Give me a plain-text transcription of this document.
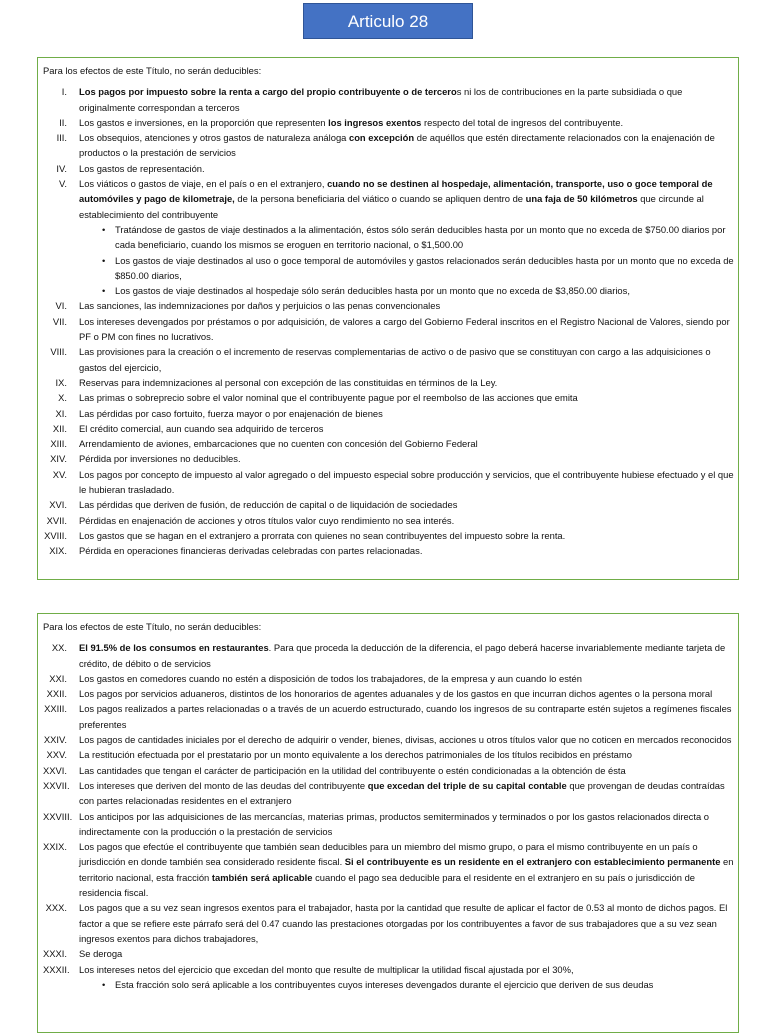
Articulo 28
Para los efectos de este Título, no serán deducibles:
I.	Los pagos por impuesto sobre la renta a cargo del propio contribuyente o de terceros ni los de contribuciones en la parte subsidiada o que originalmente correspondan a terceros
II.	Los gastos e inversiones, en la proporción que representen los ingresos exentos respecto del total de ingresos del contribuyente.
III.	Los obsequios, atenciones y otros gastos de naturaleza análoga con excepción de aquéllos que estén directamente relacionados con la enajenación de productos o la prestación de servicios
IV.	Los gastos de representación.
V.	Los viáticos o gastos de viaje, en el país o en el extranjero, cuando no se destinen al hospedaje, alimentación, transporte, uso o goce temporal de automóviles y pago de kilometraje, de la persona beneficiaria del viático o cuando se apliquen dentro de una faja de 50 kilómetros que circunde al establecimiento del contribuyente
• Tratándose de gastos de viaje destinados a la alimentación, éstos sólo serán deducibles hasta por un monto que no exceda de $750.00 diarios por cada beneficiario, cuando los mismos se eroguen en territorio nacional, o $1,500.00
• Los gastos de viaje destinados al uso o goce temporal de automóviles y gastos relacionados serán deducibles hasta por un monto que no exceda de $850.00 diarios,
• Los gastos de viaje destinados al hospedaje sólo serán deducibles hasta por un monto que no exceda de $3,850.00 diarios,
VI.	Las sanciones, las indemnizaciones por daños y perjuicios o las penas convencionales
VII.	Los intereses devengados por préstamos o por adquisición, de valores a cargo del Gobierno Federal inscritos en el Registro Nacional de Valores, siendo por PF o PM con fines no lucrativos.
VIII.	Las provisiones para la creación o el incremento de reservas complementarias de activo o de pasivo que se constituyan con cargo a las adquisiciones o gastos del ejercicio,
IX.	Reservas para indemnizaciones al personal con excepción de las constituidas en términos de la Ley.
X.	Las primas o sobreprecio sobre el valor nominal que el contribuyente pague por el reembolso de las acciones que emita
XI.	Las pérdidas por caso fortuito, fuerza mayor o por enajenación de bienes
XII.	El crédito comercial, aun cuando sea adquirido de terceros
XIII.	Arrendamiento de aviones, embarcaciones que no cuenten con concesión del Gobierno Federal
XIV.	Pérdida por inversiones no deducibles.
XV.	Los pagos por concepto de impuesto al valor agregado o del impuesto especial sobre producción y servicios, que el contribuyente hubiese efectuado y el que le hubieran trasladado.
XVI.	Las pérdidas que deriven de fusión, de reducción de capital o de liquidación de sociedades
XVII.	Pérdidas en enajenación de acciones y otros títulos valor cuyo rendimiento no sea interés.
XVIII.	Los gastos que se hagan en el extranjero a prorrata con quienes no sean contribuyentes del impuesto sobre la renta.
XIX.	Pérdida en operaciones financieras derivadas celebradas con partes relacionadas.
Para los efectos de este Título, no serán deducibles:
XX.	El 91.5% de los consumos en restaurantes. Para que proceda la deducción de la diferencia, el pago deberá hacerse invariablemente mediante tarjeta de crédito, de débito o de servicios
XXI.	Los gastos en comedores cuando no estén a disposición de todos los trabajadores, de la empresa y aun cuando lo estén
XXII.	Los pagos por servicios aduaneros, distintos de los honorarios de agentes aduanales y de los gastos en que incurran dichos agentes o la persona moral
XXIII.	Los pagos realizados a partes relacionadas o a través de un acuerdo estructurado, cuando los ingresos de su contraparte estén sujetos a regímenes fiscales preferentes
XXIV.	Los pagos de cantidades iniciales por el derecho de adquirir o vender, bienes, divisas, acciones u otros títulos valor que no coticen en mercados reconocidos
XXV.	La restitución efectuada por el prestatario por un monto equivalente a los derechos patrimoniales de los títulos recibidos en préstamo
XXVI.	Las cantidades que tengan el carácter de participación en la utilidad del contribuyente o estén condicionadas a la obtención de ésta
XXVII.	Los intereses que deriven del monto de las deudas del contribuyente que excedan del triple de su capital contable que provengan de deudas contraídas con partes relacionadas residentes en el extranjero
XXVIII. Los anticipos por las adquisiciones de las mercancías, materias primas, productos semiterminados y terminados o por los gastos relacionados directa o indirectamente con la producción o la prestación de servicios
XXIX.	Los pagos que efectúe el contribuyente que también sean deducibles para un miembro del mismo grupo, o para el mismo contribuyente en un país o jurisdicción en donde también sea considerado residente fiscal. Si el contribuyente es un residente en el extranjero con establecimiento permanente en territorio nacional, esta fracción también será aplicable cuando el pago sea deducible para el residente en el extranjero en su país o jurisdicción de residencia fiscal.
XXX.	Los pagos que a su vez sean ingresos exentos para el trabajador, hasta por la cantidad que resulte de aplicar el factor de 0.53 al monto de dichos pagos. El factor a que se refiere este párrafo será del 0.47 cuando las prestaciones otorgadas por los contribuyentes a favor de sus trabajadores que a su vez sean ingresos exentos para dichos trabajadores,
XXXI.	Se deroga
XXXII.	Los intereses netos del ejercicio que excedan del monto que resulte de multiplicar la utilidad fiscal ajustada por el 30%,
• Esta fracción solo será aplicable a los contribuyentes cuyos intereses devengados durante el ejercicio que deriven de sus deudas
